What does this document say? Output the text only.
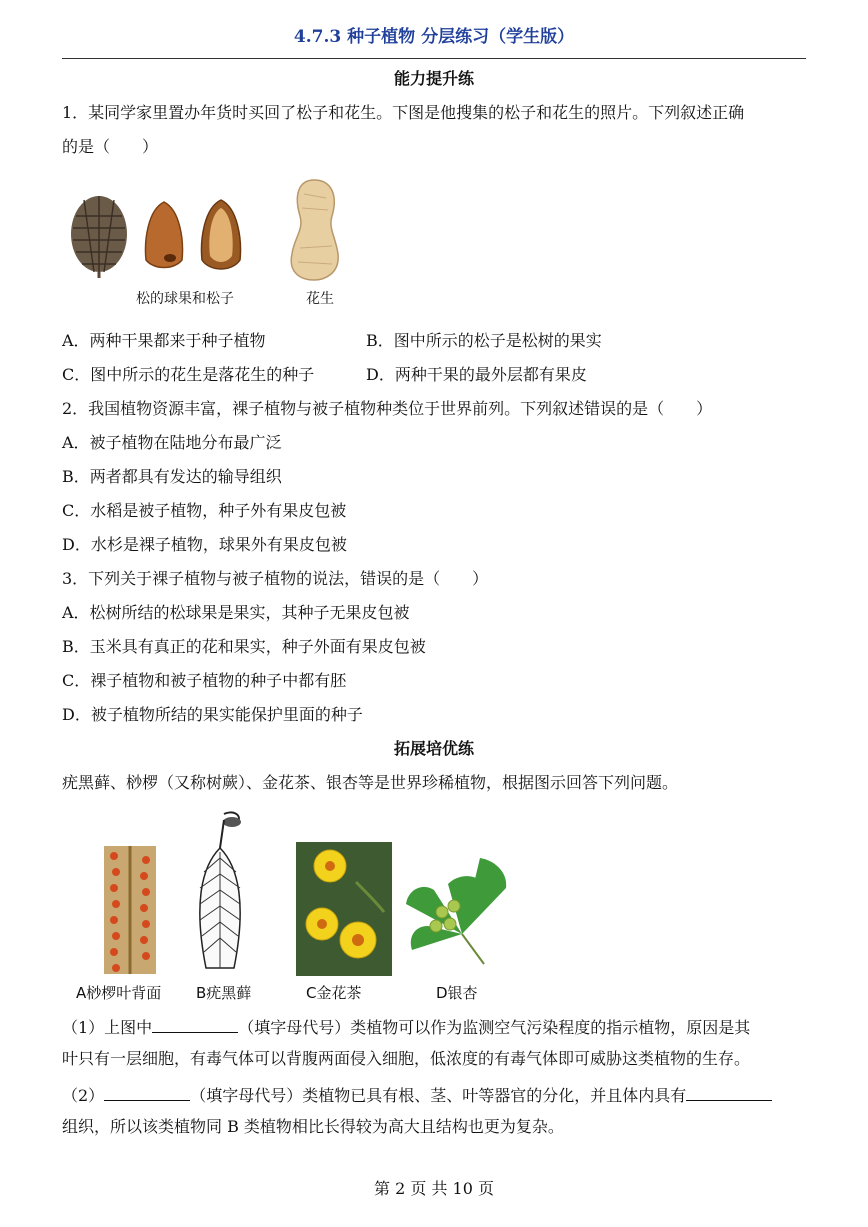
4.7.3 种子植物 分层练习（学生版）
能力提升练
1．某同学家里置办年货时买回了松子和花生。下图是他搜集的松子和花生的照片。下列叙述正确
的是（　　）
松的球果和松子	花生
A．两种干果都来于种子植物	B．图中所示的松子是松树的果实
C．图中所示的花生是落花生的种子	D．两种干果的最外层都有果皮
2．我国植物资源丰富，裸子植物与被子植物种类位于世界前列。下列叙述错误的是（　　）
A．被子植物在陆地分布最广泛
B．两者都具有发达的输导组织
C．水稻是被子植物，种子外有果皮包被
D．水杉是裸子植物，球果外有果皮包被
3．下列关于裸子植物与被子植物的说法，错误的是（　　）
A．松树所结的松球果是果实，其种子无果皮包被
B．玉米具有真正的花和果实，种子外面有果皮包被
C．裸子植物和被子植物的种子中都有胚
D．被子植物所结的果实能保护里面的种子
拓展培优练
疣黑藓、桫椤（又称树蕨）、金花茶、银杏等是世界珍稀植物，根据图示回答下列问题。
A桫椤叶背面 B疣黑藓	C金花茶	D银杏
（1）上图中	（填字母代号）类植物可以作为监测空气污染程度的指示植物，原因是其
叶只有一层细胞，有毒气体可以背腹两面侵入细胞，低浓度的有毒气体即可威胁这类植物的生存。
（2）	（填字母代号）类植物已具有根、茎、叶等器官的分化，并且体内具有
组织，所以该类植物同 B 类植物相比长得较为高大且结构也更为复杂。
第 2 页 共 10 页
